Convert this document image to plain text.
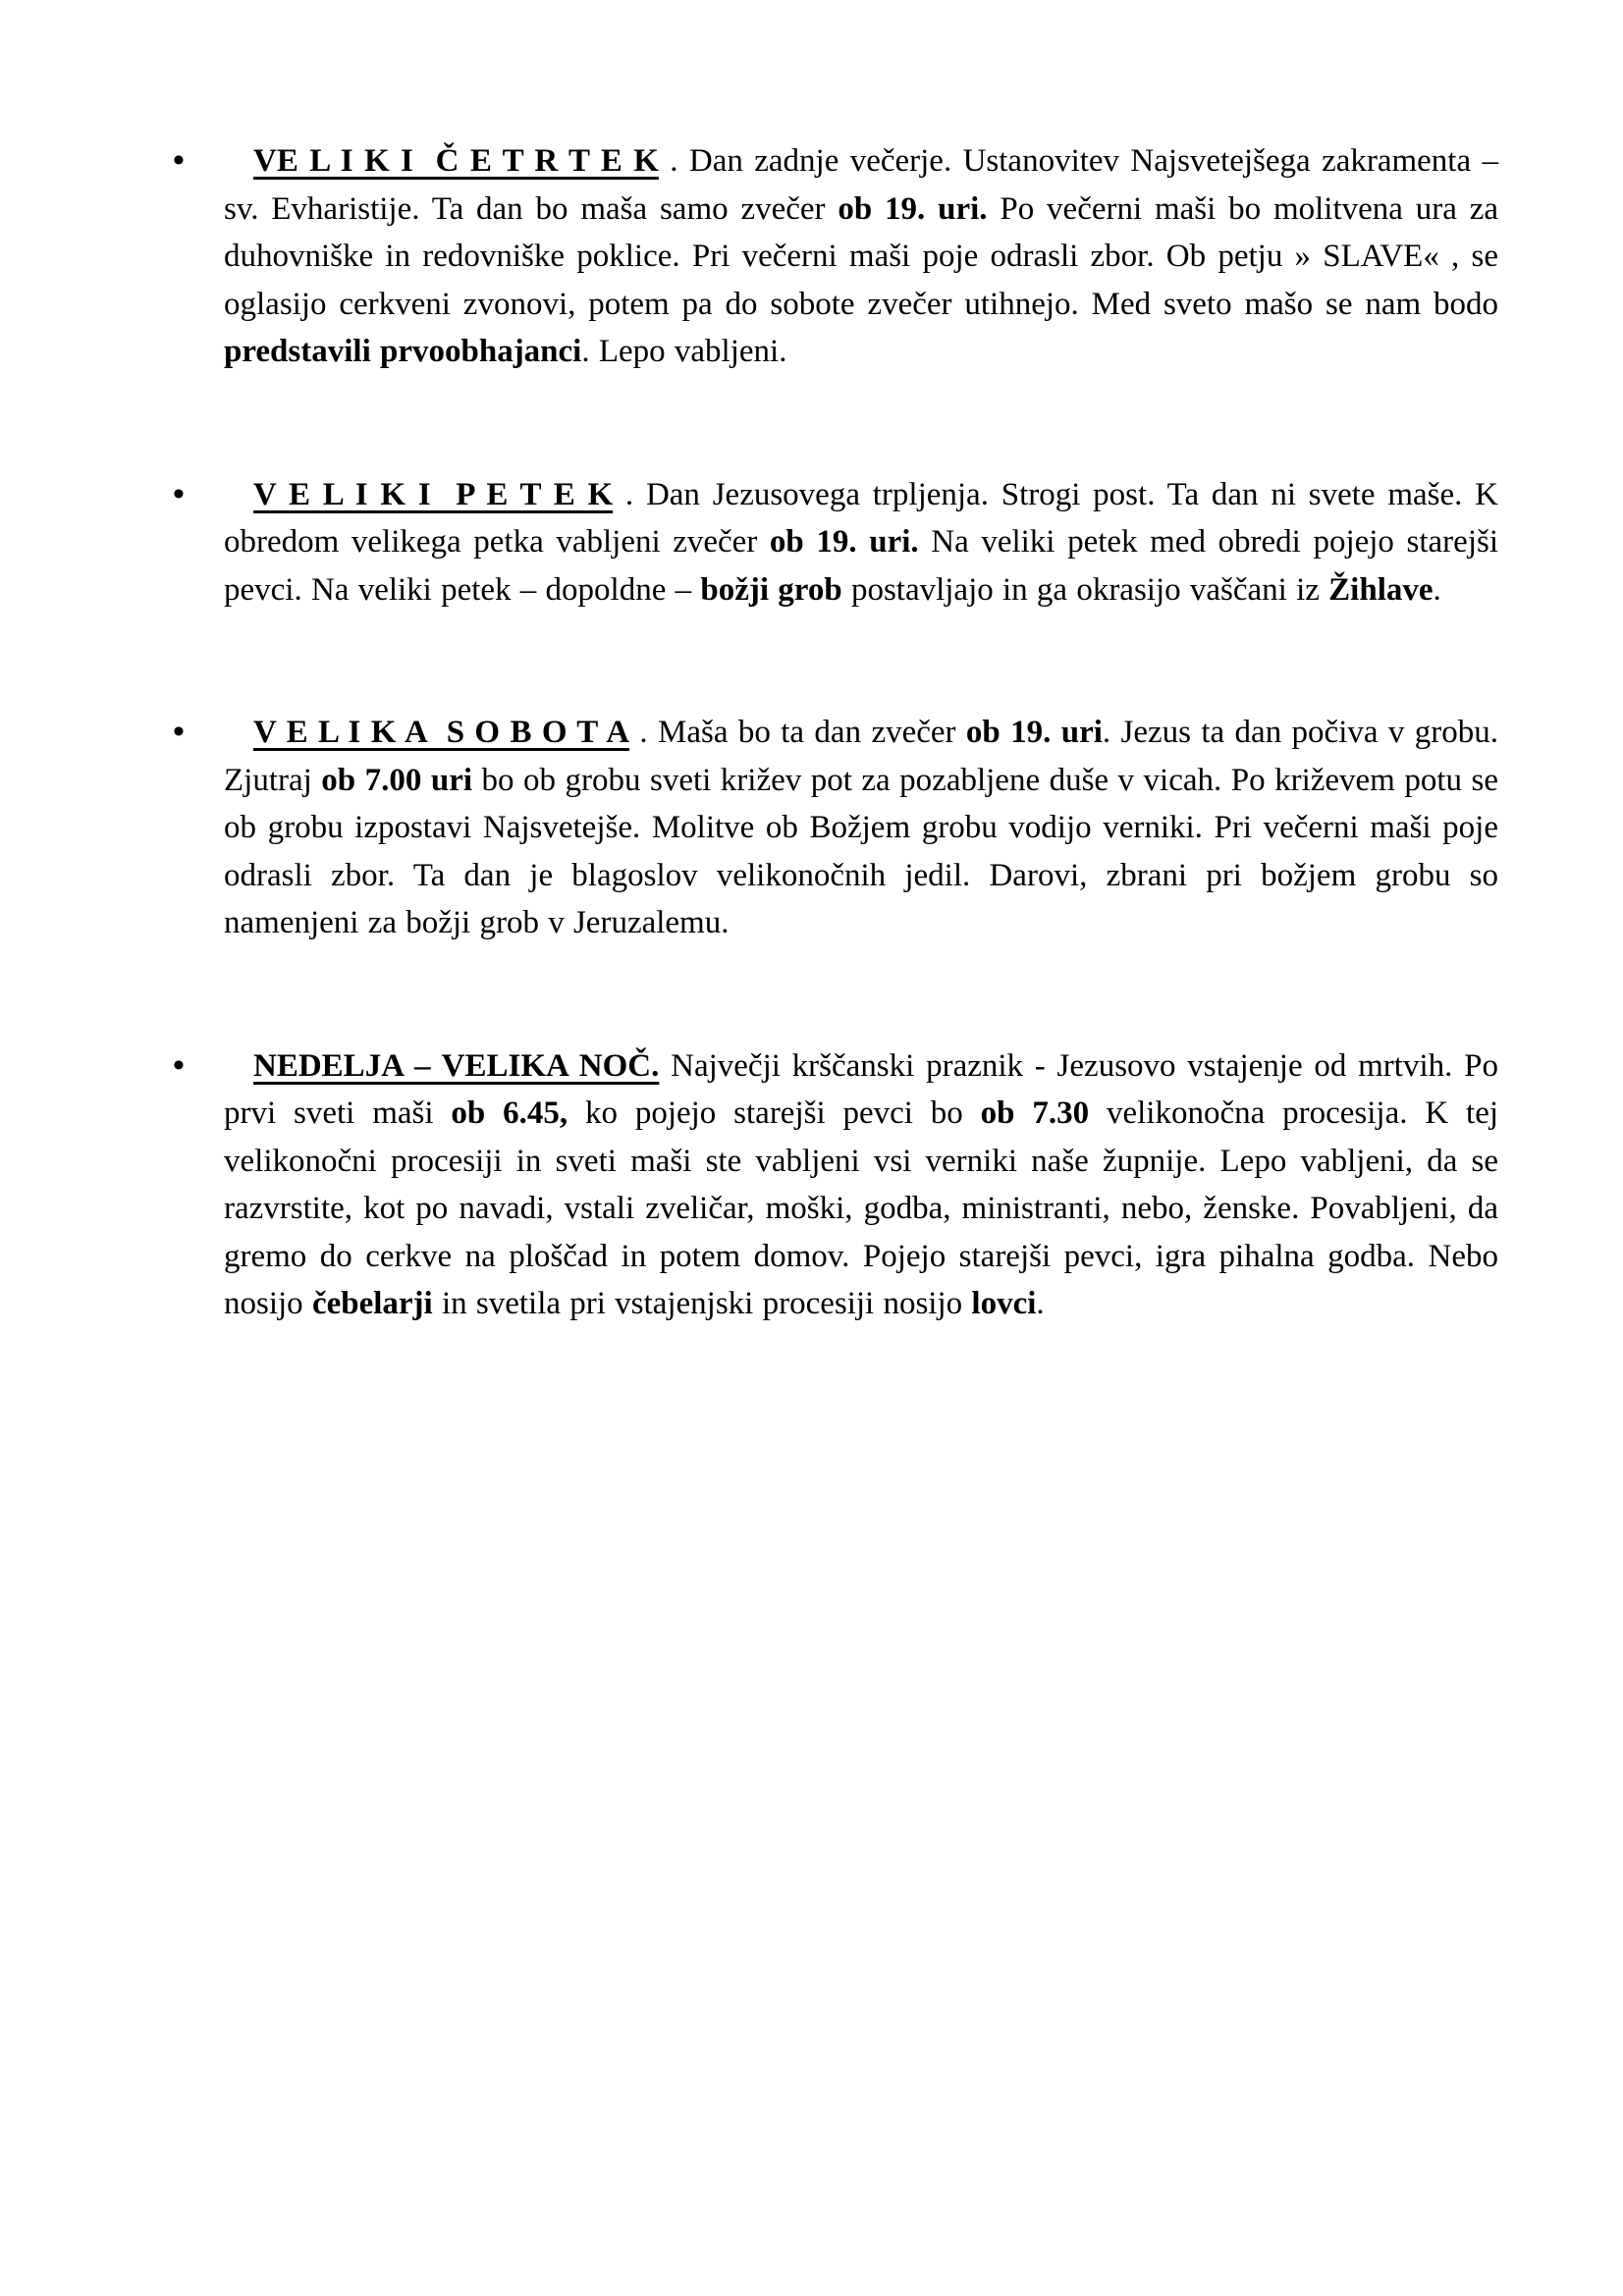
•	VE L I K I  Č E T R T E K . Dan zadnje večerje. Ustanovitev Najsvetejšega zakramenta – sv. Evharistije. Ta dan bo maša samo zvečer ob 19. uri. Po večerni maši bo molitvena ura za duhovniške in redovniške poklice. Pri večerni maši poje odrasli zbor. Ob petju » SLAVE« , se oglasijo cerkveni zvonovi, potem pa do sobote zvečer utihnejo. Med sveto mašo se nam bodo predstavili prvoobhajanci. Lepo vabljeni.

•	V E L I K I  P E T E K . Dan Jezusovega trpljenja. Strogi post. Ta dan ni svete maše. K obredom velikega petka vabljeni zvečer ob 19. uri. Na veliki petek med obredi pojejo starejši pevci. Na veliki petek – dopoldne – božji grob postavljajo in ga okrasijo vaščani iz Žihlave.

•	V E L I K A  S O B O T A . Maša bo ta dan zvečer ob 19. uri. Jezus ta dan počiva v grobu. Zjutraj ob 7.00 uri bo ob grobu sveti križev pot za pozabljene duše v vicah. Po križevem potu se ob grobu izpostavi Najsvetejše. Molitve ob Božjem grobu vodijo verniki. Pri večerni maši poje odrasli zbor. Ta dan je blagoslov velikonočnih jedil. Darovi, zbrani pri božjem grobu so namenjeni za božji grob v Jeruzalemu.

•	NEDELJA – VELIKA NOČ. Največji krščanski praznik - Jezusovo vstajenje od mrtvih. Po prvi sveti maši ob 6.45, ko pojejo starejši pevci bo ob 7.30 velikonočna procesija. K tej velikonočni procesiji in sveti maši ste vabljeni vsi verniki naše župnije. Lepo vabljeni, da se razvrstite, kot po navadi, vstali zveličar, moški, godba, ministranti, nebo, ženske. Povabljeni, da gremo do cerkve na ploščad in potem domov. Pojejo starejši pevci, igra pihalna godba. Nebo nosijo čebelarji in svetila pri vstajenjski procesiji nosijo lovci.
